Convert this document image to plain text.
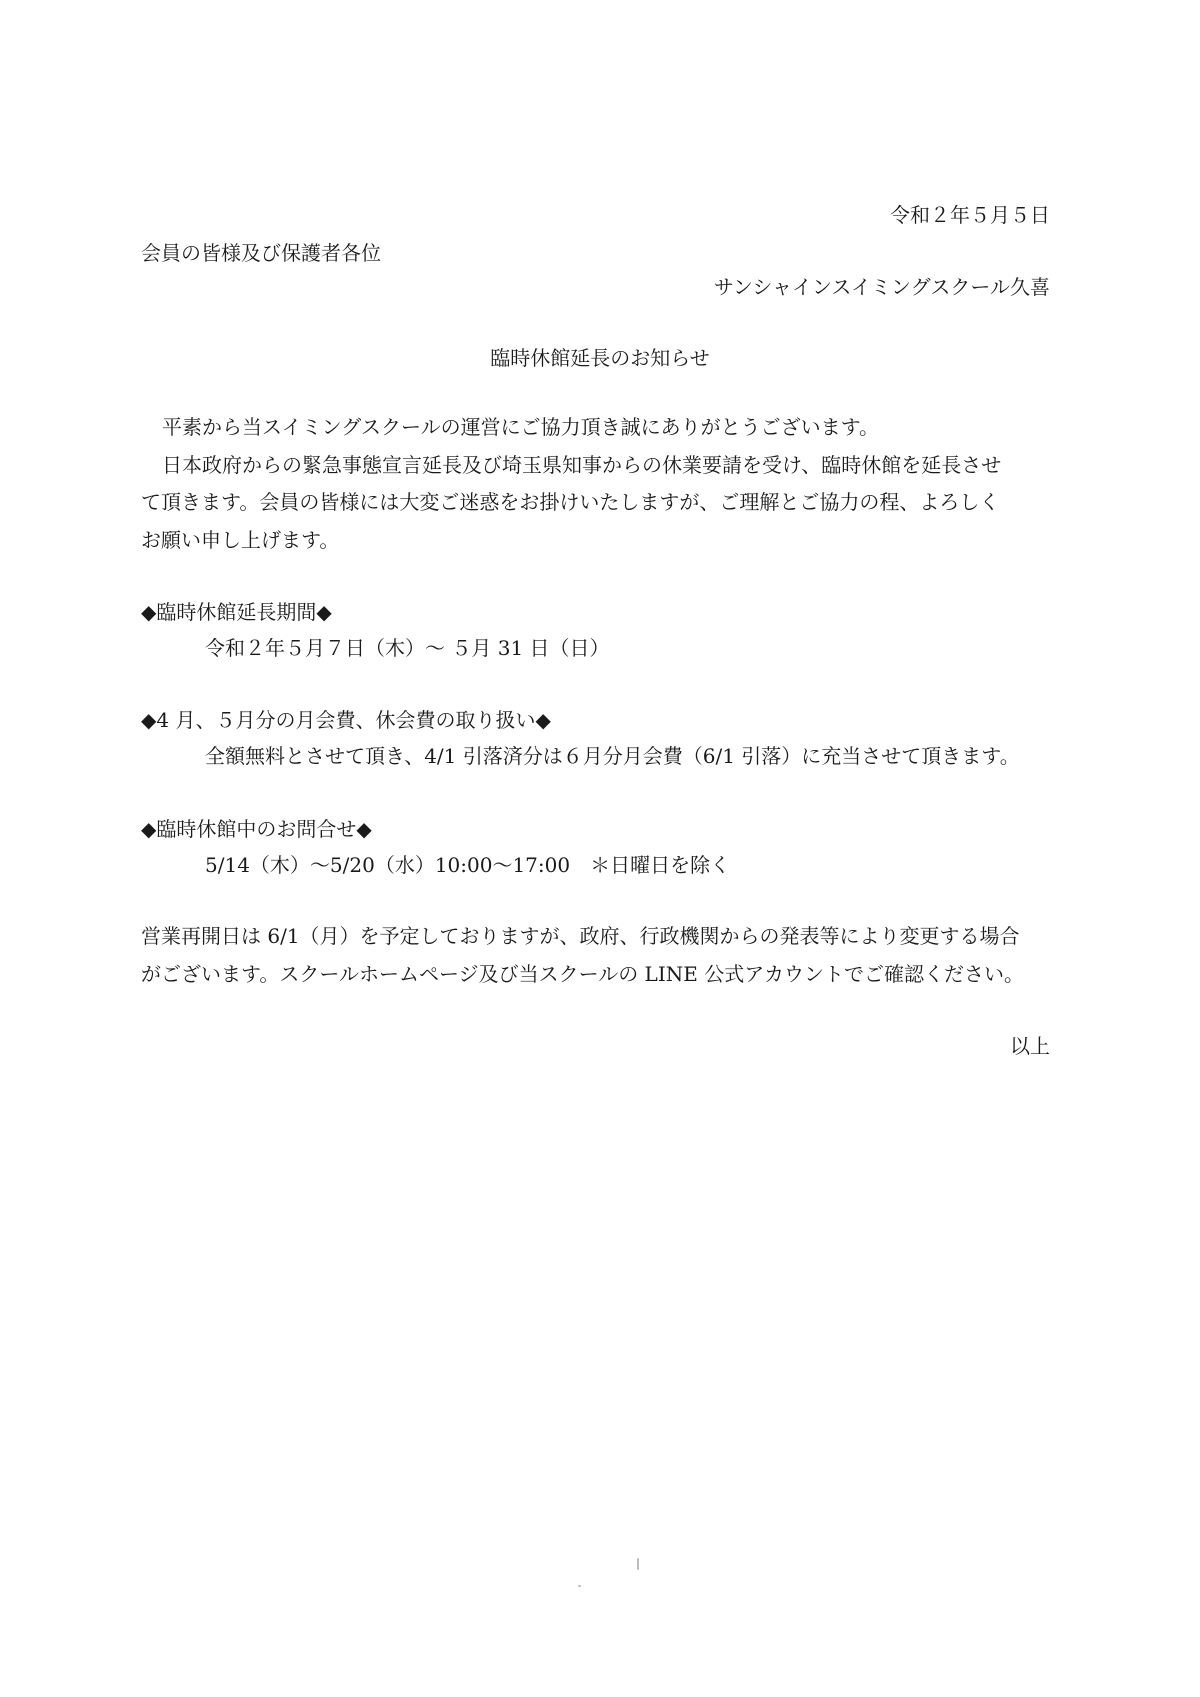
令和２年５月５日
会員の皆様及び保護者各位
サンシャインスイミングスクール久喜
臨時休館延長のお知らせ
平素から当スイミングスクールの運営にご協力頂き誠にありがとうございます。
日本政府からの緊急事態宣言延長及び埼玉県知事からの休業要請を受け、臨時休館を延長させ
て頂きます。会員の皆様には大変ご迷惑をお掛けいたしますが、ご理解とご協力の程、よろしく
お願い申し上げます。
◆臨時休館延長期間◆
令和２年５月７日（木）～ ５月 31 日（日）
◆4 月、５月分の月会費、休会費の取り扱い◆
全額無料とさせて頂き、4/1 引落済分は６月分月会費（6/1 引落）に充当させて頂きます。
◆臨時休館中のお問合せ◆
5/14（木）～5/20（水）10:00～17:00　＊日曜日を除く
営業再開日は 6/1（月）を予定しておりますが、政府、行政機関からの発表等により変更する場合
がございます。スクールホームページ及び当スクールの LINE 公式アカウントでご確認ください。
以上
